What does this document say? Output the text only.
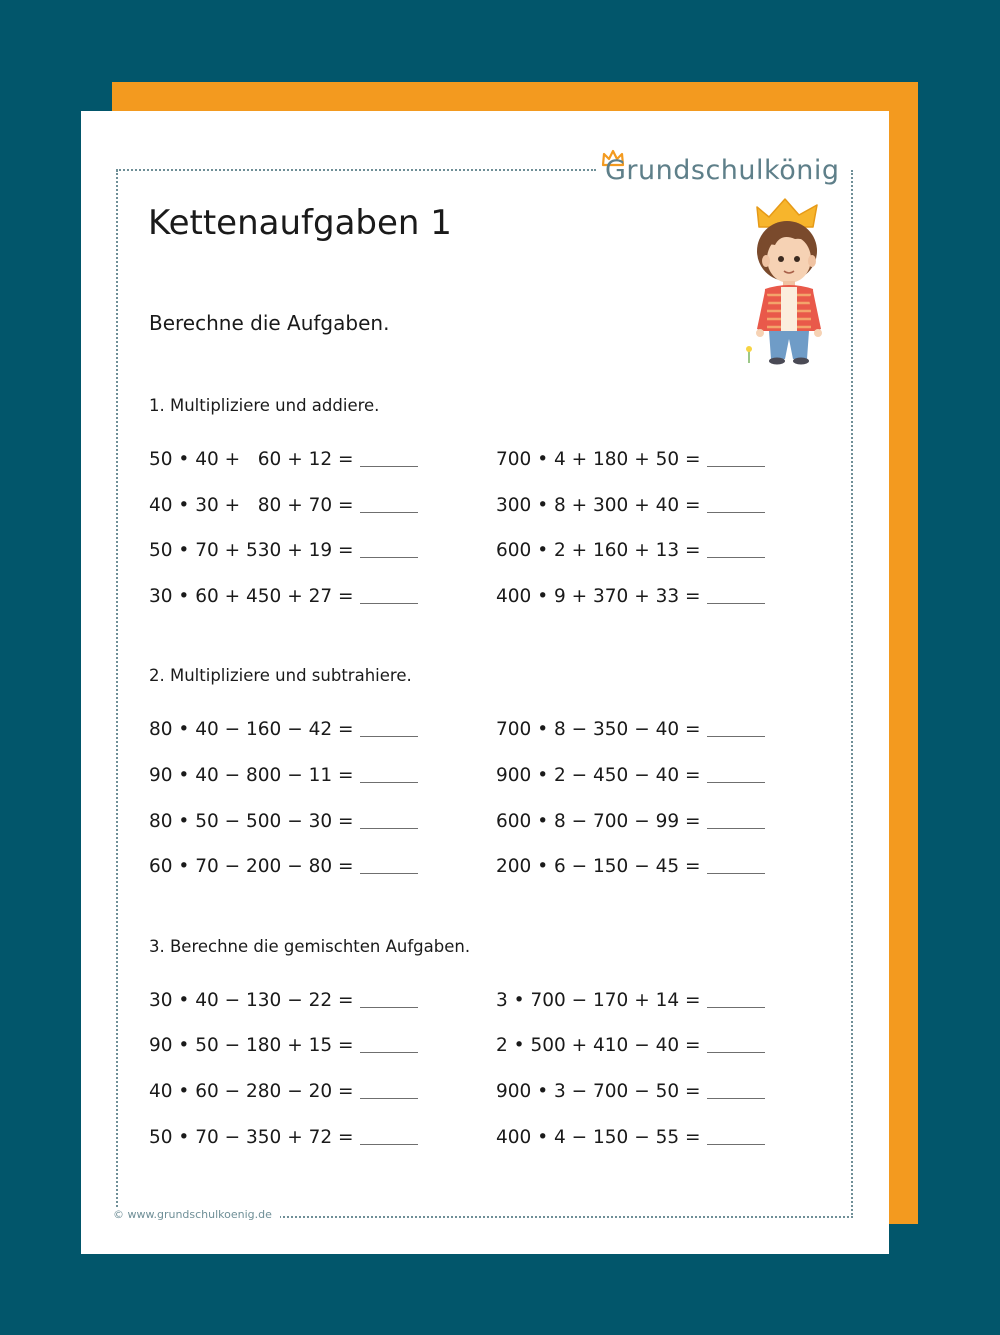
Grundschulkönig
Kettenaufgaben 1
Berechne die Aufgaben.
1. Multipliziere und addiere.
50 • 40 +   60 + 12 =
40 • 30 +   80 + 70 =
50 • 70 + 530 + 19 =
30 • 60 + 450 + 27 =
700 • 4 + 180 + 50 =
300 • 8 + 300 + 40 =
600 • 2 + 160 + 13 =
400 • 9 + 370 + 33 =
2. Multipliziere und subtrahiere.
80 • 40 − 160 − 42 =
90 • 40 − 800 − 11 =
80 • 50 − 500 − 30 =
60 • 70 − 200 − 80 =
700 • 8 − 350 − 40 =
900 • 2 − 450 − 40 =
600 • 8 − 700 − 99 =
200 • 6 − 150 − 45 =
3. Berechne die gemischten Aufgaben.
30 • 40 − 130 − 22 =
90 • 50 − 180 + 15 =
40 • 60 − 280 − 20 =
50 • 70 − 350 + 72 =
3 • 700 − 170 + 14 =
2 • 500 + 410 − 40 =
900 • 3 − 700 − 50 =
400 • 4 − 150 − 55 =
© www.grundschulkoenig.de
